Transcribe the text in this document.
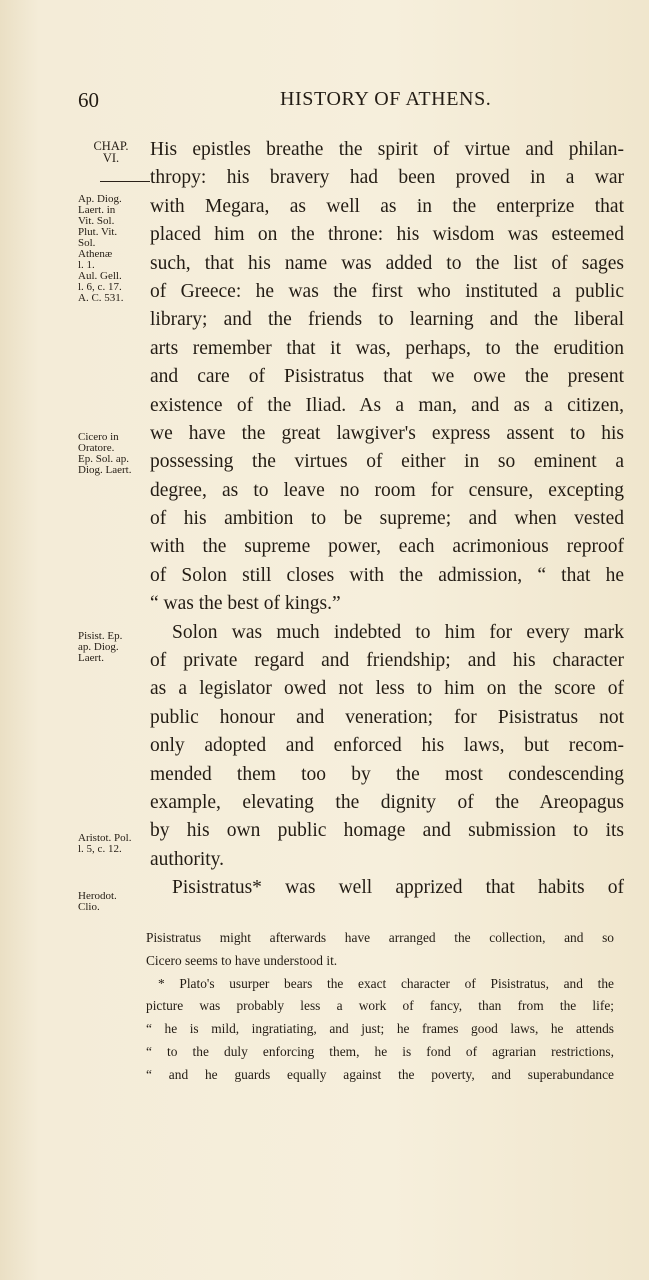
60	HISTORY OF ATHENS.
CHAP.
VI.
Ap. Diog.
Laert. in
Vit. Sol.
Plut. Vit.
Sol.
Athenæ
l. 1.
Aul. Gell.
l. 6, c. 17.
A. C. 531.
Cicero in
Oratore.
Ep. Sol. ap.
Diog. Laert.
Pisist. Ep.
ap. Diog.
Laert.
Aristot. Pol.
l. 5, c. 12.
Herodot.
Clio.
His epistles breathe the spirit of virtue and philan-
thropy: his bravery had been proved in a war
with Megara, as well as in the enterprize that
placed him on the throne: his wisdom was esteemed
such, that his name was added to the list of sages
of Greece: he was the first who instituted a public
library; and the friends to learning and the liberal
arts remember that it was, perhaps, to the erudition
and care of Pisistratus that we owe the present
existence of the Iliad. As a man, and as a citizen,
we have the great lawgiver's express assent to his
possessing the virtues of either in so eminent a
degree, as to leave no room for censure, excepting
of his ambition to be supreme; and when vested
with the supreme power, each acrimonious reproof
of Solon still closes with the admission, “ that he
“ was the best of kings.”
Solon was much indebted to him for every mark
of private regard and friendship; and his character
as a legislator owed not less to him on the score of
public honour and veneration; for Pisistratus not
only adopted and enforced his laws, but recom-
mended them too by the most condescending
example, elevating the dignity of the Areopagus
by his own public homage and submission to its
authority.
Pisistratus* was well apprized that habits of
Pisistratus might afterwards have arranged the collection, and so
Cicero seems to have understood it.
* Plato's usurper bears the exact character of Pisistratus, and the
picture was probably less a work of fancy, than from the life;
“ he is mild, ingratiating, and just; he frames good laws, he attends
“ to the duly enforcing them, he is fond of agrarian restrictions,
“ and he guards equally against the poverty, and superabundance
